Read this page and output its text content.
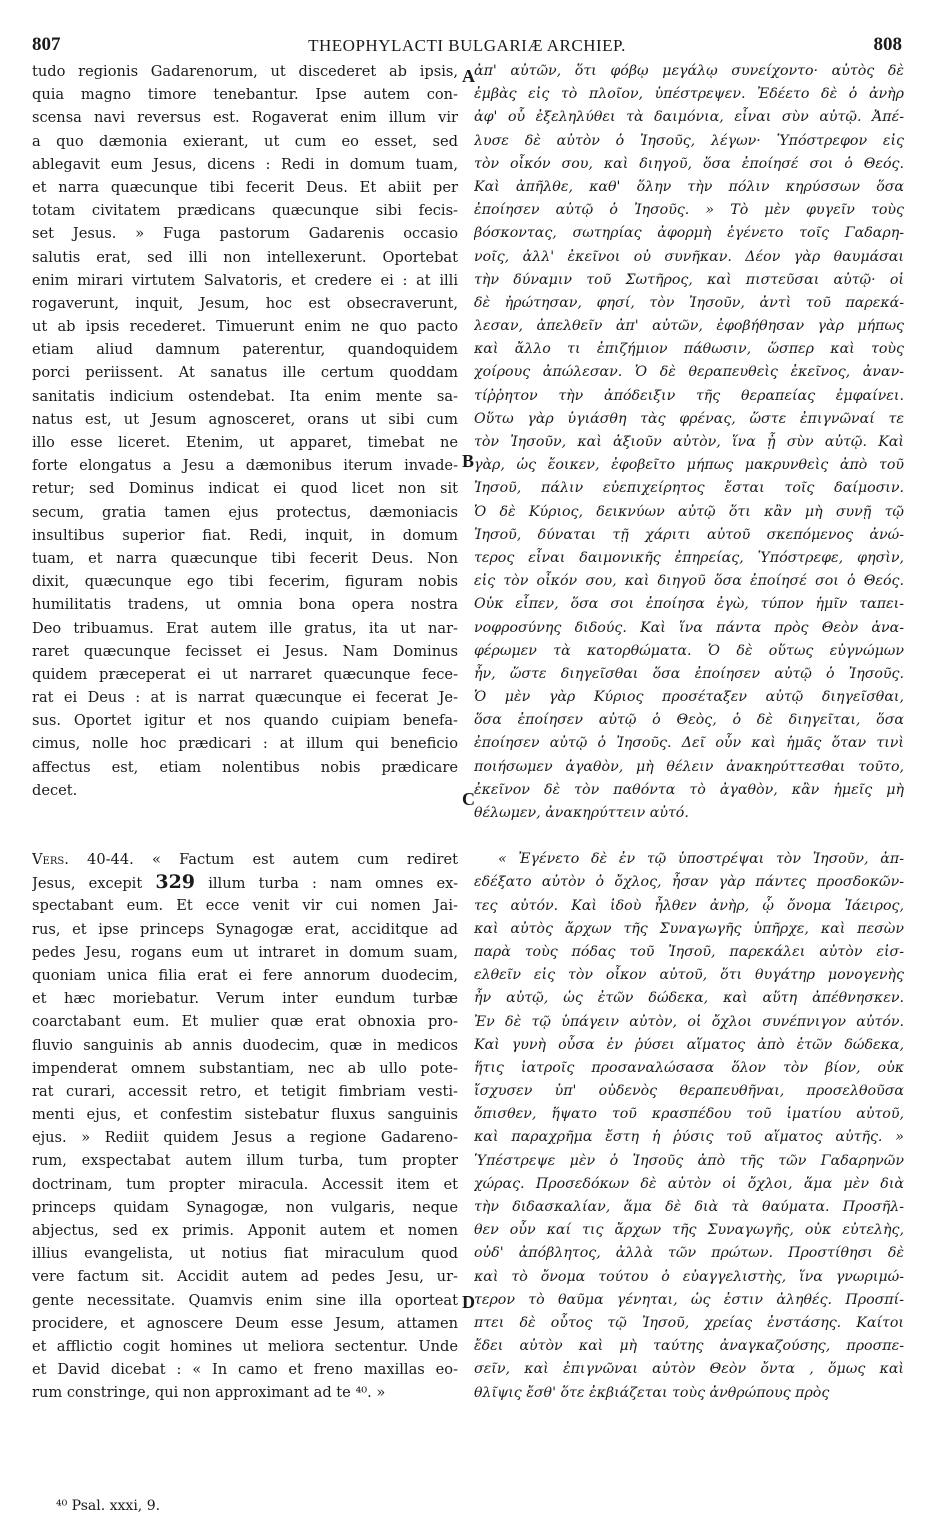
807	THEOPHYLACTI BULGARIÆ ARCHIEP.	808
tudo regionis Gadarenorum, ut discederet ab ipsis,
quia magno timore tenebantur. Ipse autem con-
scensa navi reversus est. Rogaverat enim illum vir
a quo dæmonia exierant, ut cum eo esset, sed
ablegavit eum Jesus, dicens : Redi in domum tuam,
et narra quæcunque tibi fecerit Deus. Et abiit per
totam civitatem prædicans quæcunque sibi fecis-
set Jesus. » Fuga pastorum Gadarenis occasio
salutis erat, sed illi non intellexerunt. Oportebat
enim mirari virtutem Salvatoris, et credere ei : at illi
rogaverunt, inquit, Jesum, hoc est obsecraverunt,
ut ab ipsis recederet. Timuerunt enim ne quo pacto
etiam aliud damnum paterentur, quandoquidem
porci periissent. At sanatus ille certum quoddam
sanitatis indicium ostendebat. Ita enim mente sa-
natus est, ut Jesum agnosceret, orans ut sibi cum
illo esse liceret. Etenim, ut apparet, timebat ne
forte elongatus a Jesu a dæmonibus iterum invade-
retur; sed Dominus indicat ei quod licet non sit
secum, gratia tamen ejus protectus, dæmoniacis
insultibus superior fiat. Redi, inquit, in domum
tuam, et narra quæcunque tibi fecerit Deus. Non
dixit, quæcunque ego tibi fecerim, figuram nobis
humilitatis tradens, ut omnia bona opera nostra
Deo tribuamus. Erat autem ille gratus, ita ut nar-
raret quæcunque fecisset ei Jesus. Nam Dominus
quidem præceperat ei ut narraret quæcunque fece-
rat ei Deus : at is narrat quæcunque ei fecerat Je-
sus. Oportet igitur et nos quando cuipiam benefa-
cimus, nolle hoc prædicari : at illum qui beneficio
affectus est, etiam nolentibus nobis prædicare
decet.
Vers. 40-44. « Factum est autem cum rediret
Jesus, excepit 329 illum turba : nam omnes ex-
spectabant eum. Et ecce venit vir cui nomen Jai-
rus, et ipse princeps Synagogæ erat, acciditque ad
pedes Jesu, rogans eum ut intraret in domum suam,
quoniam unica filia erat ei fere annorum duodecim,
et hæc moriebatur. Verum inter eundum turbæ
coarctabant eum. Et mulier quæ erat obnoxia pro-
fluvio sanguinis ab annis duodecim, quæ in medicos
impenderat omnem substantiam, nec ab ullo pote-
rat curari, accessit retro, et tetigit fimbriam vesti-
menti ejus, et confestim sistebatur fluxus sanguinis
ejus. » Rediit quidem Jesus a regione Gadareno-
rum, exspectabat autem illum turba, tum propter
doctrinam, tum propter miracula. Accessit item et
princeps quidam Synagogæ, non vulgaris, neque
abjectus, sed ex primis. Apponit autem et nomen
illius evangelista, ut notius fiat miraculum quod
vere factum sit. Accidit autem ad pedes Jesu, ur-
gente necessitate. Quamvis enim sine illa oporteat
procidere, et agnoscere Deum esse Jesum, attamen
et afflictio cogit homines ut meliora sectentur. Unde
et David dicebat : « In camo et freno maxillas eo-
rum constringe, qui non approximant ad te ⁴⁰. »
ἀπ' αὐτῶν, ὅτι φόβῳ μεγάλῳ συνείχοντο· αὐτὸς δὲ
ἐμβὰς εἰς τὸ πλοῖον, ὑπέστρεψεν. Ἐδέετο δὲ ὁ ἀνὴρ
ἀφ' οὗ ἐξεληλύθει τὰ δαιμόνια, εἶναι σὺν αὐτῷ. Ἀπέ-
λυσε δὲ αὐτὸν ὁ Ἰησοῦς, λέγων· Ὑπόστρεφον εἰς
τὸν οἶκόν σου, καὶ διηγοῦ, ὅσα ἐποίησέ σοι ὁ Θεός.
Καὶ ἀπῆλθε, καθ' ὅλην τὴν πόλιν κηρύσσων ὅσα
ἐποίησεν αὐτῷ ὁ Ἰησοῦς. » Τὸ μὲν φυγεῖν τοὺς
βόσκοντας, σωτηρίας ἀφορμὴ ἐγένετο τοῖς Γαδαρη-
νοῖς, ἀλλ' ἐκεῖνοι οὐ συνῆκαν. Δέον γὰρ θαυμάσαι
τὴν δύναμιν τοῦ Σωτῆρος, καὶ πιστεῦσαι αὐτῷ· οἱ
δὲ ἠρώτησαν, φησί, τὸν Ἰησοῦν, ἀντὶ τοῦ παρεκά-
λεσαν, ἀπελθεῖν ἀπ' αὐτῶν, ἐφοβήθησαν γὰρ μήπως
καὶ ἄλλο τι ἐπιζήμιον πάθωσιν, ὥσπερ καὶ τοὺς
χοίρους ἀπώλεσαν. Ὁ δὲ θεραπευθεὶς ἐκεῖνος, ἀναν-
τίῤῥητον τὴν ἀπόδειξιν τῆς θεραπείας ἐμφαίνει.
Οὕτω γὰρ ὑγιάσθη τὰς φρένας, ὥστε ἐπιγνῶναί τε
τὸν Ἰησοῦν, καὶ ἀξιοῦν αὐτὸν, ἵνα ᾖ σὺν αὐτῷ. Καὶ
γὰρ, ὡς ἔοικεν, ἐφοβεῖτο μήπως μακρυνθεὶς ἀπὸ τοῦ
Ἰησοῦ, πάλιν εὐεπιχείρητος ἔσται τοῖς δαίμοσιν.
Ὁ δὲ Κύριος, δεικνύων αὐτῷ ὅτι κἂν μὴ συνῇ τῷ
Ἰησοῦ, δύναται τῇ χάριτι αὐτοῦ σκεπόμενος ἀνώ-
τερος εἶναι δαιμονικῆς ἐπηρείας, Ὑπόστρεφε, φησὶν,
εἰς τὸν οἶκόν σου, καὶ διηγοῦ ὅσα ἐποίησέ σοι ὁ Θεός.
Οὐκ εἶπεν, ὅσα σοι ἐποίησα ἐγὼ, τύπον ἡμῖν ταπει-
νοφροσύνης διδούς. Καὶ ἵνα πάντα πρὸς Θεὸν ἀνα-
φέρωμεν τὰ κατορθώματα. Ὁ δὲ οὕτως εὐγνώμων
ἦν, ὥστε διηγεῖσθαι ὅσα ἐποίησεν αὐτῷ ὁ Ἰησοῦς.
Ὁ μὲν γὰρ Κύριος προσέταξεν αὐτῷ διηγεῖσθαι,
ὅσα ἐποίησεν αὐτῷ ὁ Θεὸς, ὁ δὲ διηγεῖται, ὅσα
ἐποίησεν αὐτῷ ὁ Ἰησοῦς. Δεῖ οὖν καὶ ἡμᾶς ὅταν τινὶ
ποιήσωμεν ἀγαθὸν, μὴ θέλειν ἀνακηρύττεσθαι τοῦτο,
ἐκεῖνον δὲ τὸν παθόντα τὸ ἀγαθὸν, κἂν ἡμεῖς μὴ
θέλωμεν, ἀνακηρύττειν αὐτό.
« Ἐγένετο δὲ ἐν τῷ ὑποστρέψαι τὸν Ἰησοῦν, ἀπ-
εδέξατο αὐτὸν ὁ ὄχλος, ἦσαν γὰρ πάντες προσδοκῶν-
τες αὐτόν. Καὶ ἰδοὺ ἦλθεν ἀνὴρ, ᾧ ὄνομα Ἰάειρος,
καὶ αὐτὸς ἄρχων τῆς Συναγωγῆς ὑπῆρχε, καὶ πεσὼν
παρὰ τοὺς πόδας τοῦ Ἰησοῦ, παρεκάλει αὐτὸν εἰσ-
ελθεῖν εἰς τὸν οἶκον αὐτοῦ, ὅτι θυγάτηρ μονογενὴς
ἦν αὐτῷ, ὡς ἐτῶν δώδεκα, καὶ αὕτη ἀπέθνησκεν.
Ἐν δὲ τῷ ὑπάγειν αὐτὸν, οἱ ὄχλοι συνέπνιγον αὐτόν.
Καὶ γυνὴ οὖσα ἐν ῥύσει αἵματος ἀπὸ ἐτῶν δώδεκα,
ἥτις ἰατροῖς προσαναλώσασα ὅλον τὸν βίον, οὐκ
ἴσχυσεν ὑπ' οὐδενὸς θεραπευθῆναι, προσελθοῦσα
ὄπισθεν, ἥψατο τοῦ κρασπέδου τοῦ ἱματίου αὐτοῦ,
καὶ παραχρῆμα ἔστη ἡ ῥύσις τοῦ αἵματος αὐτῆς. »
Ὑπέστρεψε μὲν ὁ Ἰησοῦς ἀπὸ τῆς τῶν Γαδαρηνῶν
χώρας. Προσεδόκων δὲ αὐτὸν οἱ ὄχλοι, ἅμα μὲν διὰ
τὴν διδασκαλίαν, ἅμα δὲ διὰ τὰ θαύματα. Προσῆλ-
θεν οὖν καί τις ἄρχων τῆς Συναγωγῆς, οὐκ εὐτελὴς,
οὐδ' ἀπόβλητος, ἀλλὰ τῶν πρώτων. Προστίθησι δὲ
καὶ τὸ ὄνομα τούτου ὁ εὐαγγελιστὴς, ἵνα γνωριμώ-
τερον τὸ θαῦμα γένηται, ὡς ἐστιν ἀληθές. Προσπί-
πτει δὲ οὗτος τῷ Ἰησοῦ, χρείας ἐνστάσης. Καίτοι
ἔδει αὐτὸν καὶ μὴ ταύτης ἀναγκαζούσης, προσπε-
σεῖν, καὶ ἐπιγνῶναι αὐτὸν Θεὸν ὄντα , ὅμως καὶ
θλῖψις ἔσθ' ὅτε ἐκβιάζεται τοὺς ἀνθρώπους πρὸς
A
B
C
D
⁴⁰ Psal. xxxi, 9.
